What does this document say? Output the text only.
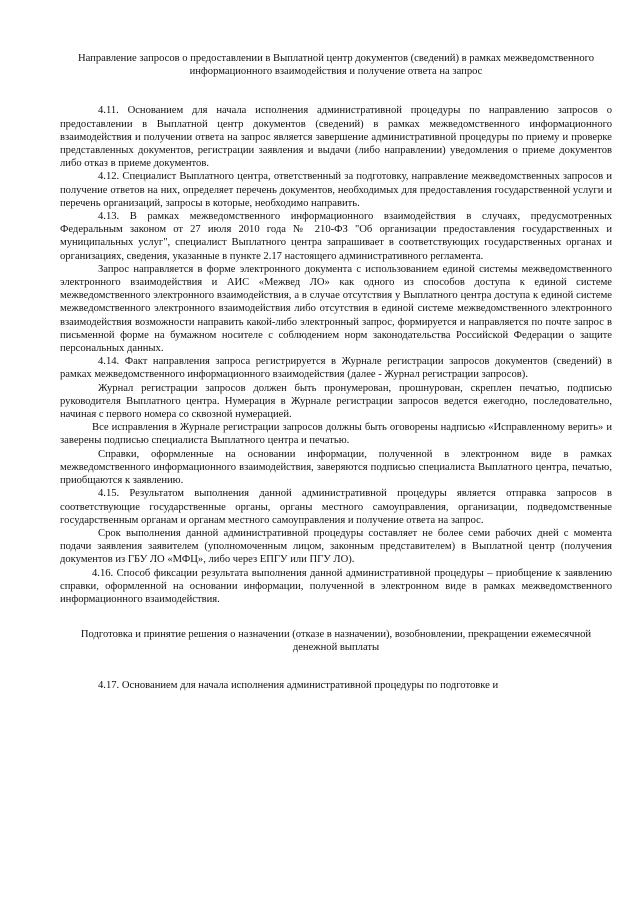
Направление запросов о предоставлении в Выплатной центр документов (сведений) в рамках межведомственного информационного взаимодействия и получение ответа на запрос

4.11. Основанием для начала исполнения административной процедуры по направлению запросов о предоставлении в Выплатной центр документов (сведений) в рамках межведомственного информационного взаимодействия и получении ответа на запрос является завершение административной процедуры по приему и проверке представленных документов, регистрации заявления и выдачи (либо направлении) уведомления о приеме документов либо отказ в приеме документов.

4.12. Специалист Выплатного центра, ответственный за подготовку, направление межведомственных запросов и получение ответов на них, определяет перечень документов, необходимых для предоставления государственной услуги и перечень организаций, запросы в которые, необходимо направить.

4.13. В рамках межведомственного информационного взаимодействия в случаях, предусмотренных Федеральным законом от 27 июля 2010 года № 210-ФЗ "Об организации предоставления государственных и муниципальных услуг", специалист Выплатного центра запрашивает в соответствующих государственных органах и организациях, сведения, указанные в пункте 2.17 настоящего административного регламента.

Запрос направляется в форме электронного документа с использованием единой системы межведомственного электронного взаимодействия и АИС «Межвед ЛО» как одного из способов доступа к единой системе межведомственного электронного взаимодействия, а в случае отсутствия у Выплатного центра доступа к единой системе межведомственного электронного взаимодействия либо отсутствия в единой системе межведомственного электронного взаимодействия возможности направить какой-либо электронный запрос, формируется и направляется по почте запрос в письменной форме на бумажном носителе с соблюдением норм законодательства Российской Федерации о защите персональных данных.

4.14. Факт направления запроса регистрируется в Журнале регистрации запросов документов (сведений) в рамках межведомственного информационного взаимодействия (далее - Журнал регистрации запросов).

Журнал регистрации запросов должен быть пронумерован, прошнурован, скреплен печатью, подписью руководителя Выплатного центра. Нумерация в Журнале регистрации запросов ведется ежегодно, последовательно, начиная с первого номера со сквозной нумерацией.

Все исправления в Журнале регистрации запросов должны быть оговорены надписью «Исправленному верить» и заверены подписью специалиста Выплатного центра и печатью.

Справки, оформленные на основании информации, полученной в электронном виде в рамках межведомственного информационного взаимодействия, заверяются подписью специалиста Выплатного центра, печатью, приобщаются к заявлению.

4.15. Результатом выполнения данной административной процедуры является отправка запросов в соответствующие государственные органы, органы местного самоуправления, организации, подведомственные государственным органам и органам местного самоуправления и получение ответа на запрос.

Срок выполнения данной административной процедуры составляет не более семи рабочих дней с момента подачи заявления заявителем (уполномоченным лицом, законным представителем) в Выплатной центр (получения документов из ГБУ ЛО «МФЦ», либо через ЕПГУ или ПГУ ЛО).

4.16. Способ фиксации результата выполнения данной административной процедуры – приобщение к заявлению справки, оформленной на основании информации, полученной в электронном виде в рамках межведомственного информационного взаимодействия.

Подготовка и принятие решения о назначении (отказе в назначении), возобновлении, прекращении ежемесячной денежной выплаты

4.17. Основанием для начала исполнения административной процедуры по подготовке и
